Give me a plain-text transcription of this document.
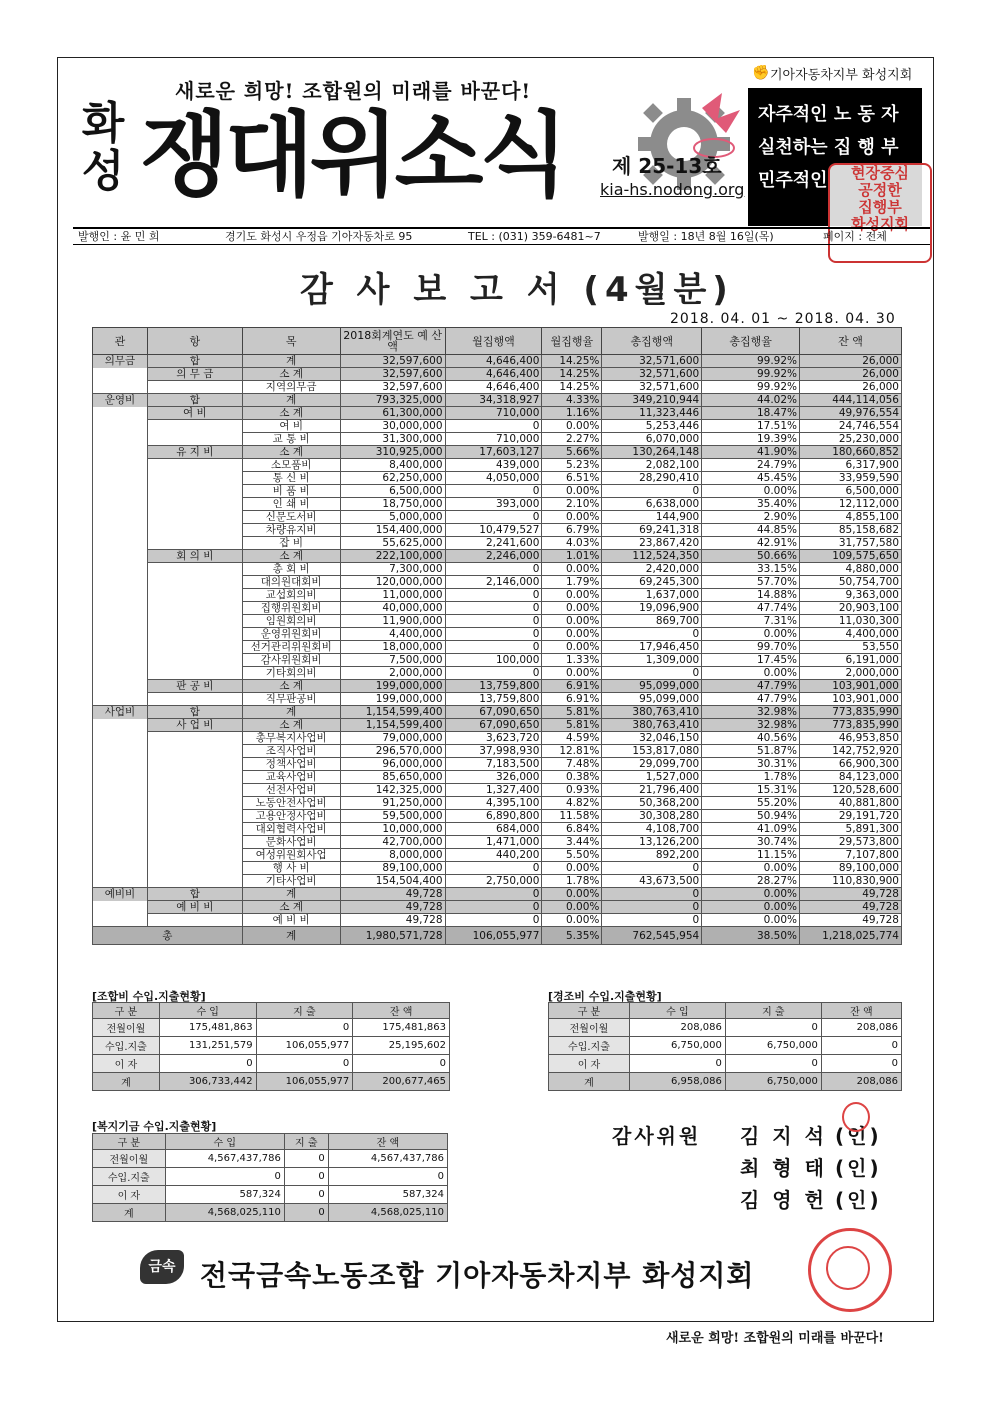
새로운 희망! 조합원의 미래를 바꾼다!
화성 쟁대위소식 제 25-13호
kia-hs.nodong.org
✊ 기아자동차지부 화성지회
자주적인 노 동 자
실천하는 집 행 부
민주적인	현장중심
공정한
집행부
화성지회
발행인 : 윤 민 희	경기도 화성시 우정읍 기아자동차로 95	TEL : (031) 359-6481~7	발행일 : 18년 8월 16일(목)	페이지 : 전체
감 사 보 고 서 (4월분)
2018. 04. 01 ~ 2018. 04. 30
관	항	목	2018회계연도 예 산 액	월집행액	월집행율	총집행액	총집행율	잔 액
의무금	합	계	32,597,600	4,646,400	14.25%	32,571,600	99.92%	26,000
	의 무 금	소 계	32,597,600	4,646,400	14.25%	32,571,600	99.92%	26,000
		지역의무금	32,597,600	4,646,400	14.25%	32,571,600	99.92%	26,000
운영비	합	계	793,325,000	34,318,927	4.33%	349,210,944	44.02%	444,114,056
	여 비	소 계	61,300,000	710,000	1.16%	11,323,446	18.47%	49,976,554
		여 비	30,000,000	0	0.00%	5,253,446	17.51%	24,746,554
		교 통 비	31,300,000	710,000	2.27%	6,070,000	19.39%	25,230,000
	유 지 비	소 계	310,925,000	17,603,127	5.66%	130,264,148	41.90%	180,660,852
		소모품비	8,400,000	439,000	5.23%	2,082,100	24.79%	6,317,900
		통 신 비	62,250,000	4,050,000	6.51%	28,290,410	45.45%	33,959,590
		비 품 비	6,500,000	0	0.00%	0	0.00%	6,500,000
		인 쇄 비	18,750,000	393,000	2.10%	6,638,000	35.40%	12,112,000
		신문도서비	5,000,000	0	0.00%	144,900	2.90%	4,855,100
		차량유지비	154,400,000	10,479,527	6.79%	69,241,318	44.85%	85,158,682
		잡 비	55,625,000	2,241,600	4.03%	23,867,420	42.91%	31,757,580
	회 의 비	소 계	222,100,000	2,246,000	1.01%	112,524,350	50.66%	109,575,650
		총 회 비	7,300,000	0	0.00%	2,420,000	33.15%	4,880,000
		대의원대회비	120,000,000	2,146,000	1.79%	69,245,300	57.70%	50,754,700
		교섭회의비	11,000,000	0	0.00%	1,637,000	14.88%	9,363,000
		집행위원회비	40,000,000	0	0.00%	19,096,900	47.74%	20,903,100
		임원회의비	11,900,000	0	0.00%	869,700	7.31%	11,030,300
		운영위원회비	4,400,000	0	0.00%	0	0.00%	4,400,000
		선거관리위원회비	18,000,000	0	0.00%	17,946,450	99.70%	53,550
		감사위원회비	7,500,000	100,000	1.33%	1,309,000	17.45%	6,191,000
		기타회의비	2,000,000	0	0.00%	0	0.00%	2,000,000
	판 공 비	소 계	199,000,000	13,759,800	6.91%	95,099,000	47.79%	103,901,000
		직무판공비	199,000,000	13,759,800	6.91%	95,099,000	47.79%	103,901,000
사업비	합	계	1,154,599,400	67,090,650	5.81%	380,763,410	32.98%	773,835,990
	사 업 비	소 계	1,154,599,400	67,090,650	5.81%	380,763,410	32.98%	773,835,990
		총무복지사업비	79,000,000	3,623,720	4.59%	32,046,150	40.56%	46,953,850
		조직사업비	296,570,000	37,998,930	12.81%	153,817,080	51.87%	142,752,920
		정책사업비	96,000,000	7,183,500	7.48%	29,099,700	30.31%	66,900,300
		교육사업비	85,650,000	326,000	0.38%	1,527,000	1.78%	84,123,000
		선전사업비	142,325,000	1,327,400	0.93%	21,796,400	15.31%	120,528,600
		노동안전사업비	91,250,000	4,395,100	4.82%	50,368,200	55.20%	40,881,800
		고용안정사업비	59,500,000	6,890,800	11.58%	30,308,280	50.94%	29,191,720
		대외협력사업비	10,000,000	684,000	6.84%	4,108,700	41.09%	5,891,300
		문화사업비	42,700,000	1,471,000	3.44%	13,126,200	30.74%	29,573,800
		여성위원회사업	8,000,000	440,200	5.50%	892,200	11.15%	7,107,800
		행 사 비	89,100,000	0	0.00%	0	0.00%	89,100,000
		기타사업비	154,504,400	2,750,000	1.78%	43,673,500	28.27%	110,830,900
예비비	합	계	49,728	0	0.00%	0	0.00%	49,728
	예 비 비	소 계	49,728	0	0.00%	0	0.00%	49,728
		예 비 비	49,728	0	0.00%	0	0.00%	49,728
총		계	1,980,571,728	106,055,977	5.35%	762,545,954	38.50%	1,218,025,774
[조합비 수입.지출현황]
구 분	수 입	지 출	잔 액
전월이월	175,481,863	0	175,481,863
수입.지출	131,251,579	106,055,977	25,195,602
이 자	0	0	0
계	306,733,442	106,055,977	200,677,465
[경조비 수입.지출현황]
구 분	수 입	지 출	잔 액
전월이월	208,086	0	208,086
수입.지출	6,750,000	6,750,000	0
이 자	0	0	0
계	6,958,086	6,750,000	208,086
[복지기금 수입.지출현황]
구 분	수 입	지 출	잔 액
전월이월	4,567,437,786	0	4,567,437,786
수입.지출	0	0	0
이 자	587,324	0	587,324
계	4,568,025,110	0	4,568,025,110
감사위원 김 지 석 (인)
최 형 태 (인)
김 영 헌 (인)
금속 전국금속노동조합 기아자동차지부 화성지회
새로운 희망! 조합원의 미래를 바꾼다!
